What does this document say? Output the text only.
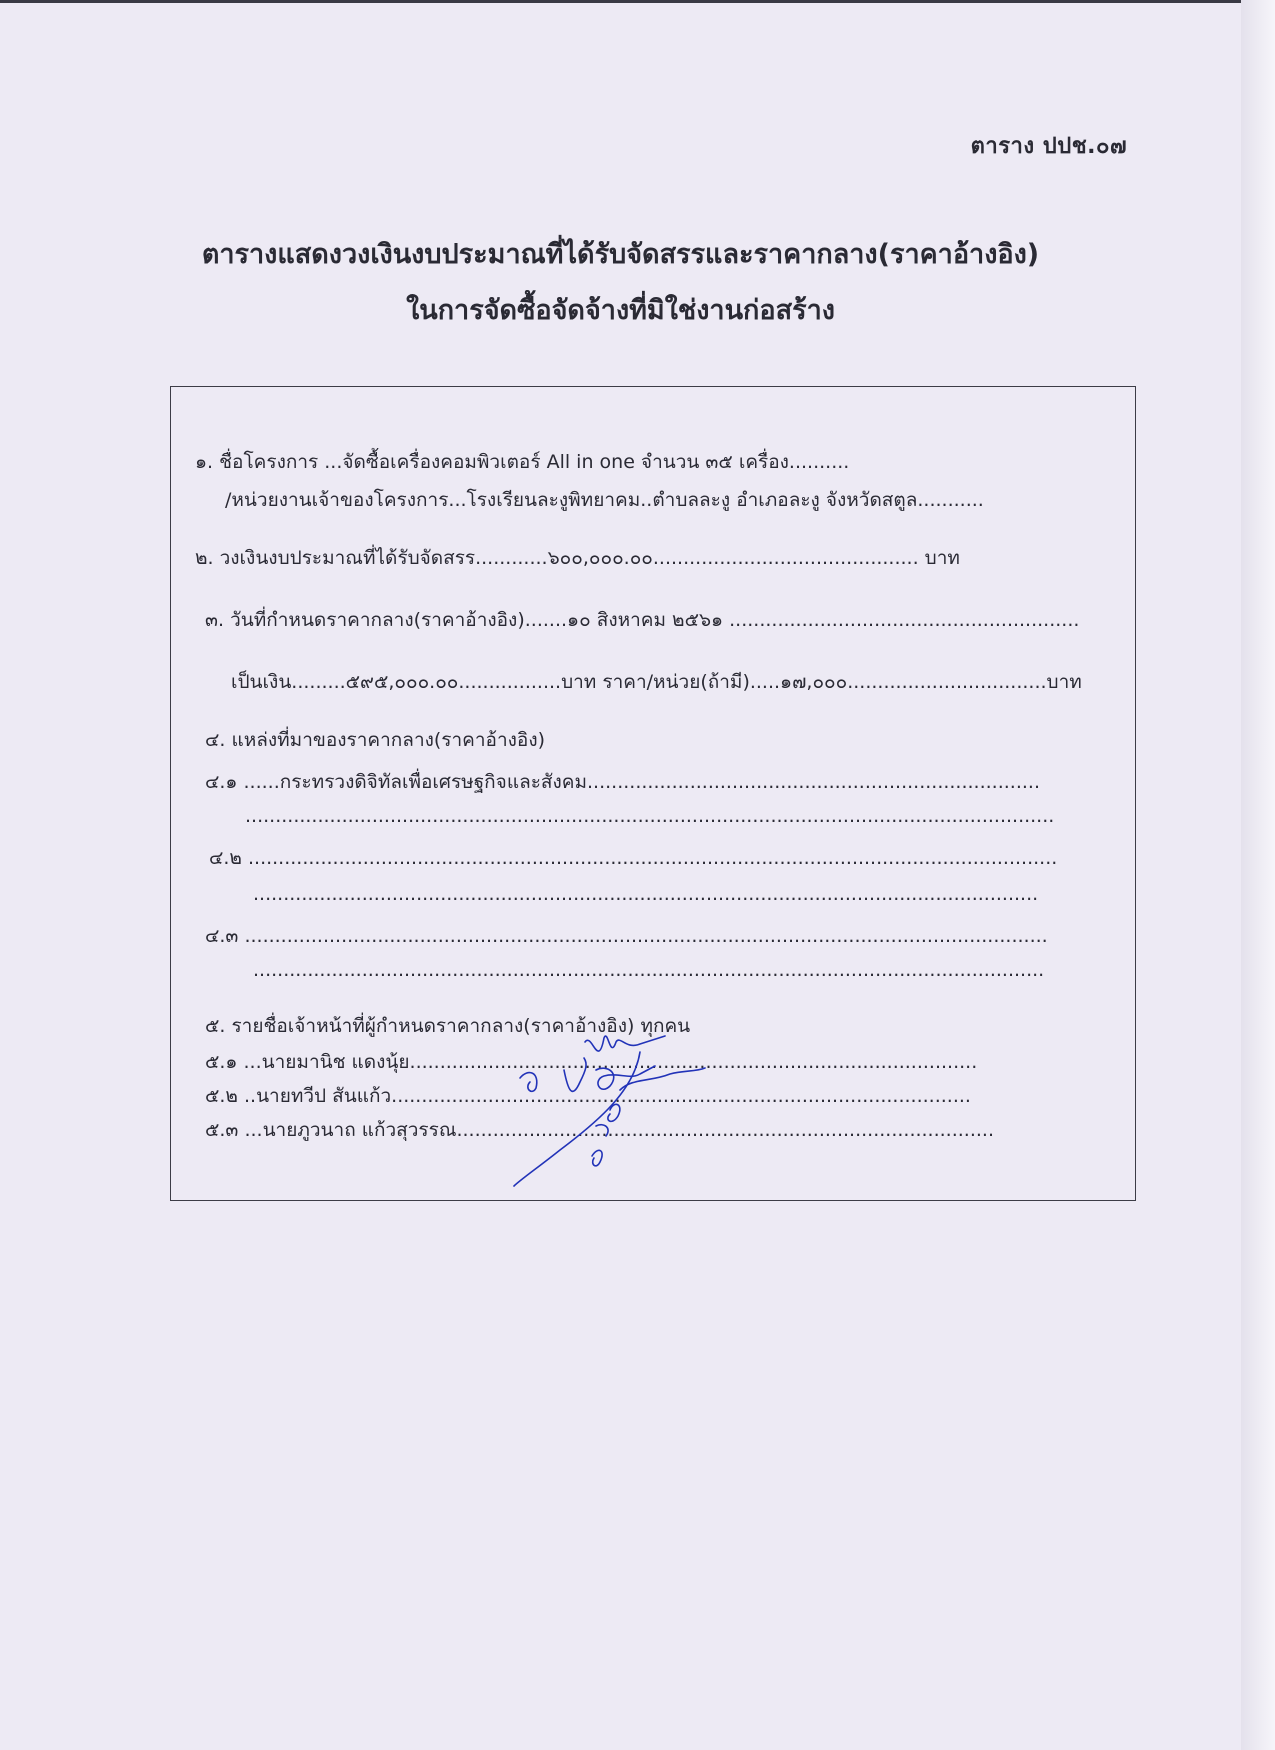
ตาราง ปปช.๐๗
ตารางแสดงวงเงินงบประมาณที่ได้รับจัดสรรและราคากลาง(ราคาอ้างอิง)
ในการจัดซื้อจัดจ้างที่มิใช่งานก่อสร้าง
๑. ชื่อโครงการ ...จัดซื้อเครื่องคอมพิวเตอร์ All in one จำนวน ๓๕ เครื่อง..........
/หน่วยงานเจ้าของโครงการ...โรงเรียนละงูพิทยาคม..ตำบลละงู อำเภอละงู จังหวัดสตูล...........
๒. วงเงินงบประมาณที่ได้รับจัดสรร............๖๐๐,๐๐๐.๐๐............................................ บาท
๓. วันที่กำหนดราคากลาง(ราคาอ้างอิง).......๑๐ สิงหาคม ๒๕๖๑ ..........................................................
เป็นเงิน.........๕๙๕,๐๐๐.๐๐.................บาท ราคา/หน่วย(ถ้ามี).....๑๗,๐๐๐.................................บาท
๔. แหล่งที่มาของราคากลาง(ราคาอ้างอิง)
๔.๑ ......กระทรวงดิจิทัลเพื่อเศรษฐกิจและสังคม...........................................................................
......................................................................................................................................
๔.๒ ......................................................................................................................................
..................................................................................................................................
๔.๓ .....................................................................................................................................
...................................................................................................................................
๕. รายชื่อเจ้าหน้าที่ผู้กำหนดราคากลาง(ราคาอ้างอิง) ทุกคน
๕.๑ ...นายมานิช แดงนุ้ย..............................................................................................
๕.๒ ..นายทวีป สันแก้ว................................................................................................
๕.๓ ...นายภูวนาถ แก้วสุวรรณ.........................................................................................
